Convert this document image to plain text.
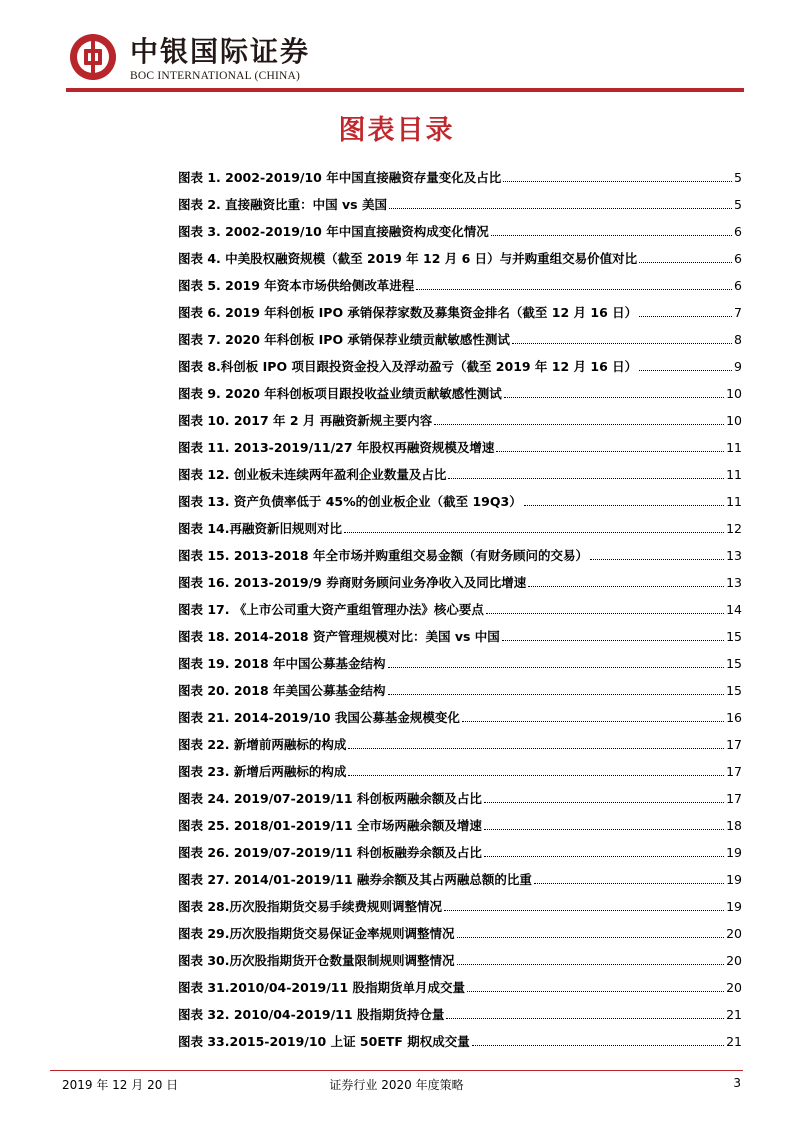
中银国际证券
BOC INTERNATIONAL (CHINA)
图表目录
图表 1. 2002-2019/10 年中国直接融资存量变化及占比	5
图表 2. 直接融资比重：中国 vs 美国	5
图表 3. 2002-2019/10 年中国直接融资构成变化情况	6
图表 4. 中美股权融资规模（截至 2019 年 12 月 6 日）与并购重组交易价值对比	6
图表 5. 2019 年资本市场供给侧改革进程	6
图表 6. 2019 年科创板 IPO 承销保荐家数及募集资金排名（截至 12 月 16 日）	7
图表 7. 2020 年科创板 IPO 承销保荐业绩贡献敏感性测试	8
图表 8.科创板 IPO 项目跟投资金投入及浮动盈亏（截至 2019 年 12 月 16 日）	9
图表 9. 2020 年科创板项目跟投收益业绩贡献敏感性测试	10
图表 10. 2017 年 2 月 再融资新规主要内容	10
图表 11. 2013-2019/11/27 年股权再融资规模及增速	11
图表 12. 创业板未连续两年盈利企业数量及占比	11
图表 13. 资产负债率低于 45%的创业板企业（截至 19Q3）	11
图表 14.再融资新旧规则对比	12
图表 15. 2013-2018 年全市场并购重组交易金额（有财务顾问的交易）	13
图表 16. 2013-2019/9 券商财务顾问业务净收入及同比增速	13
图表 17. 《上市公司重大资产重组管理办法》核心要点	14
图表 18. 2014-2018 资产管理规模对比：美国 vs 中国	15
图表 19. 2018 年中国公募基金结构	15
图表 20. 2018 年美国公募基金结构	15
图表 21. 2014-2019/10 我国公募基金规模变化	16
图表 22. 新增前两融标的构成	17
图表 23. 新增后两融标的构成	17
图表 24. 2019/07-2019/11 科创板两融余额及占比	17
图表 25. 2018/01-2019/11 全市场两融余额及增速	18
图表 26. 2019/07-2019/11 科创板融券余额及占比	19
图表 27. 2014/01-2019/11 融券余额及其占两融总额的比重	19
图表 28.历次股指期货交易手续费规则调整情况	19
图表 29.历次股指期货交易保证金率规则调整情况	20
图表 30.历次股指期货开仓数量限制规则调整情况	20
图表 31.2010/04-2019/11 股指期货单月成交量	20
图表 32. 2010/04-2019/11 股指期货持仓量	21
图表 33.2015-2019/10 上证 50ETF 期权成交量	21
2019 年 12 月 20 日	证券行业 2020 年度策略	3
